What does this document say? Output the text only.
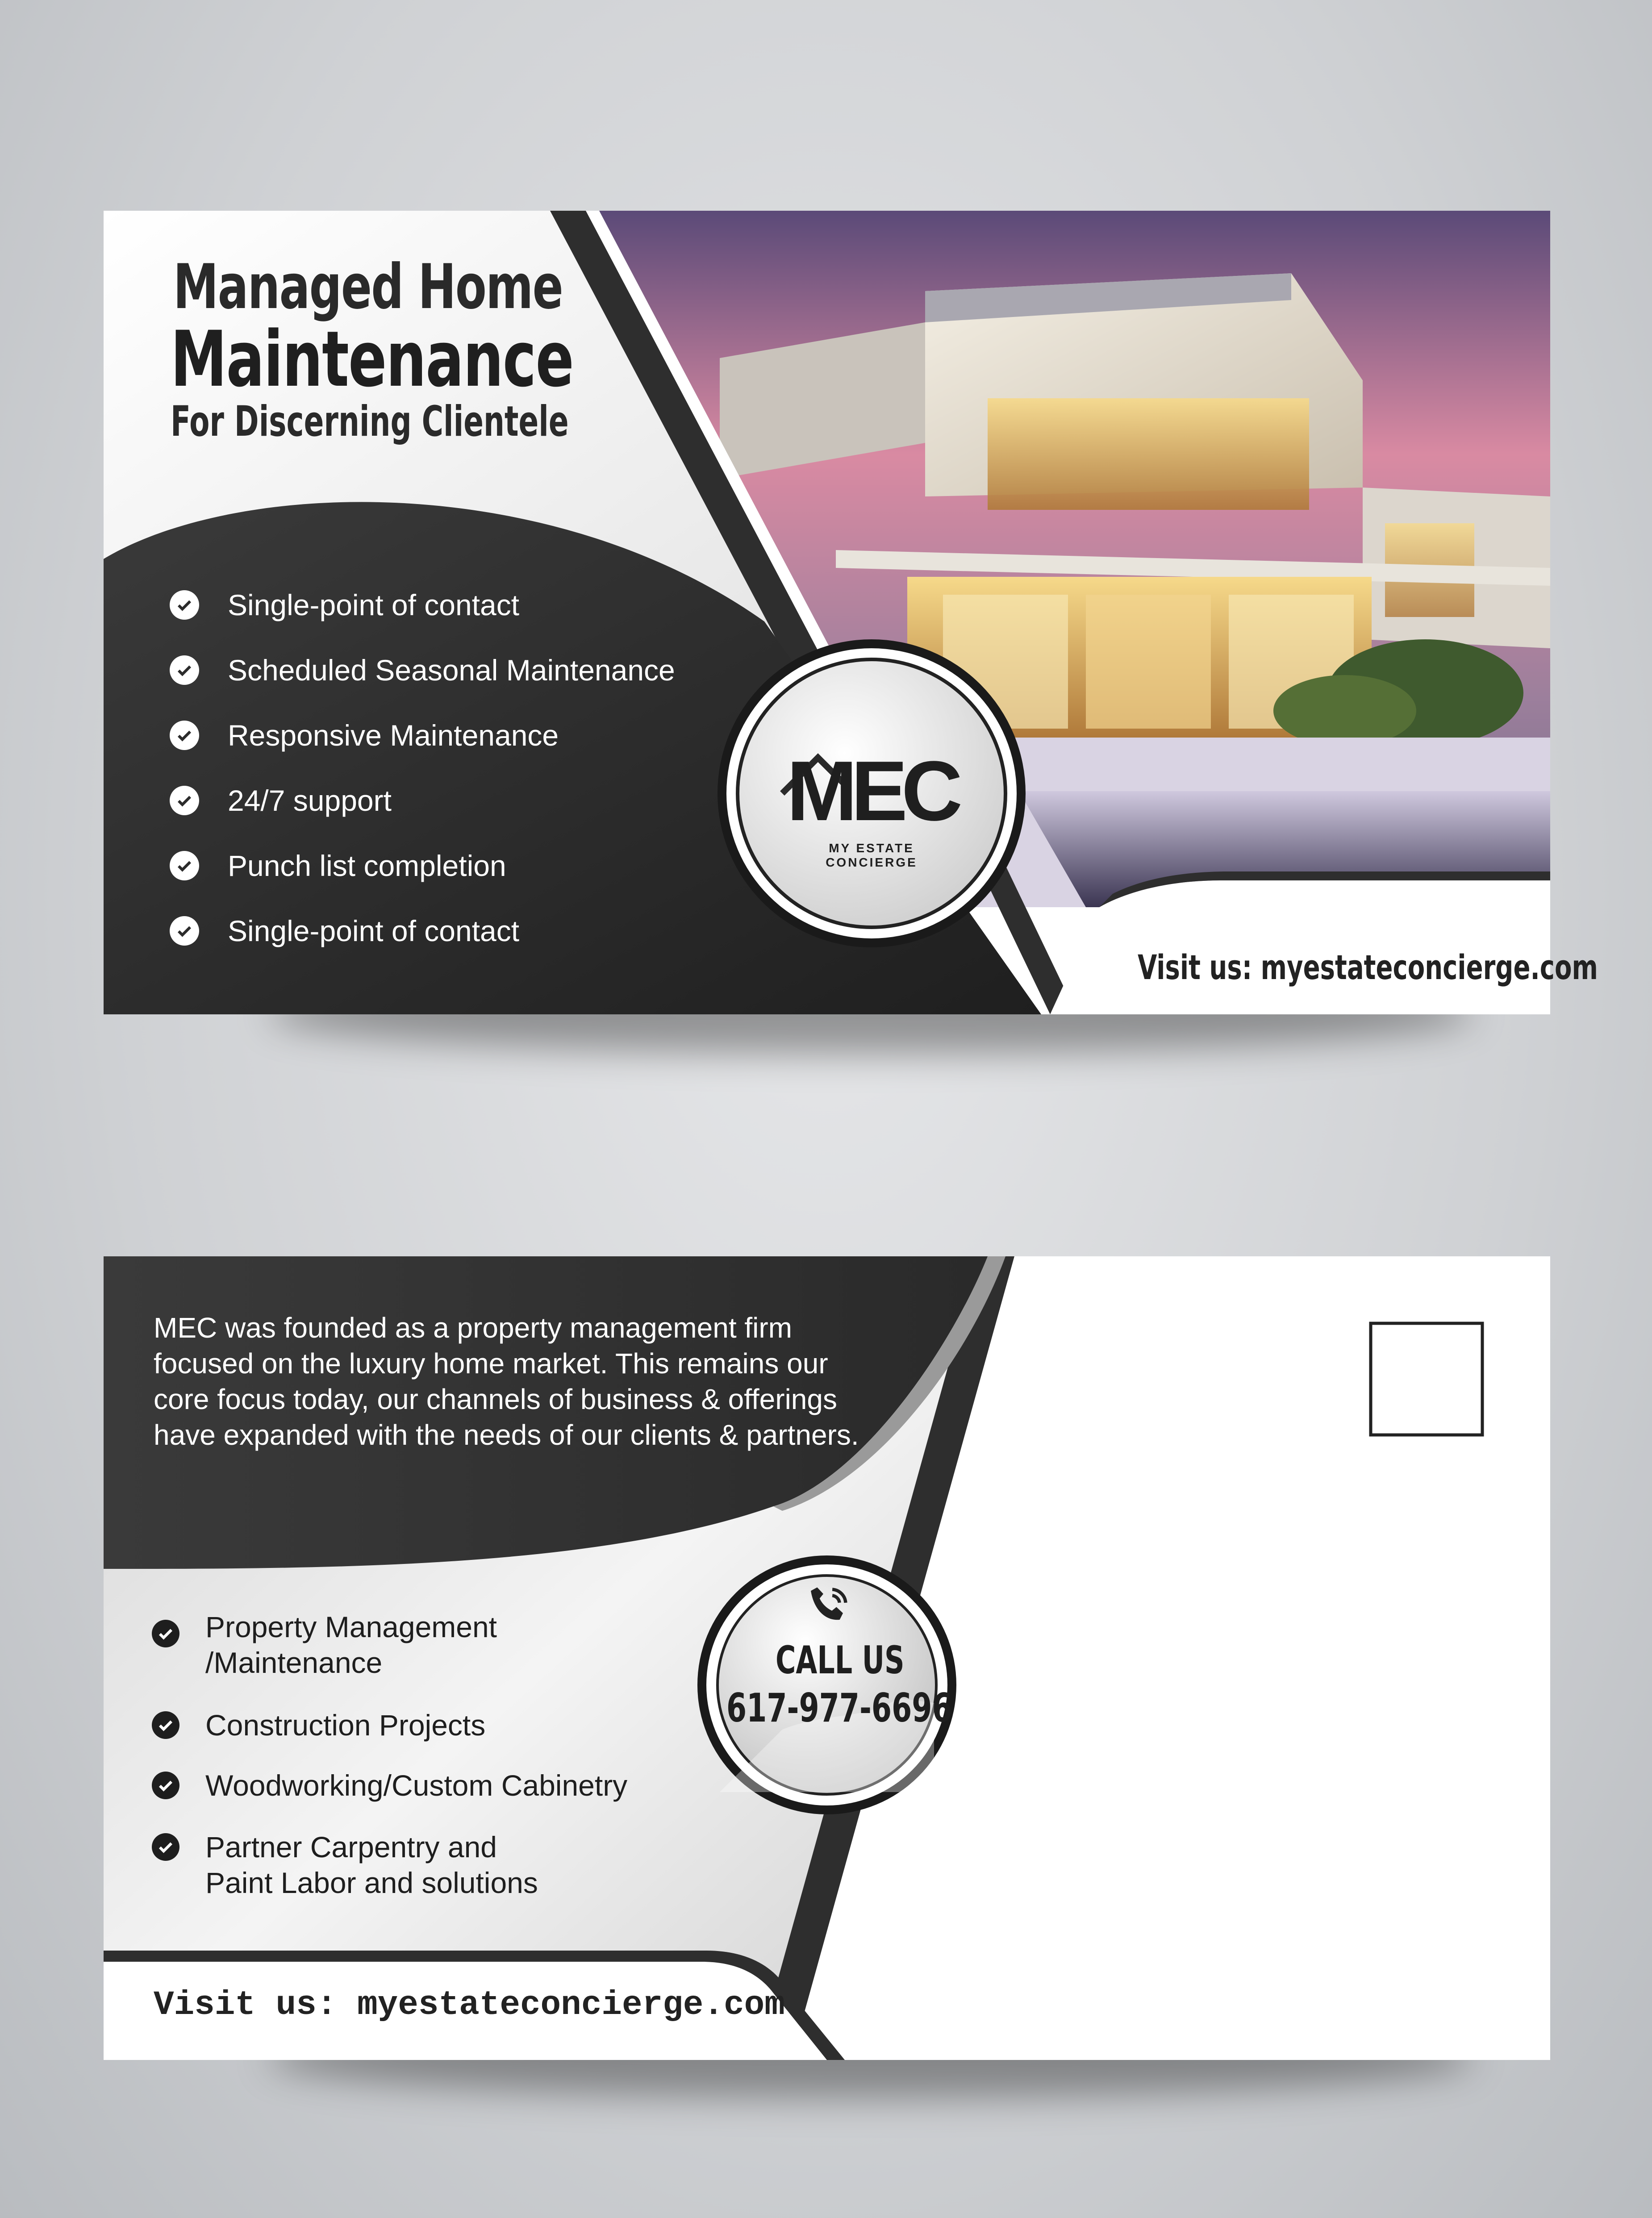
Managed Home
Maintenance
For Discerning Clientele
Single-point of contact
Scheduled Seasonal Maintenance
Responsive Maintenance
24/7 support
Punch list completion
Single-point of contact
MEC
MY ESTATE CONCIERGE
Visit us: myestateconcierge.com
MEC was founded as a property management firm focused on the luxury home market. This remains our core focus today, our channels of business & offerings have expanded with the needs of our clients & partners.
Property Management
/Maintenance
Construction Projects
Woodworking/Custom Cabinetry
Partner Carpentry and
Paint Labor and solutions
CALL US
617-977-6696
Visit us: myestateconcierge.com
